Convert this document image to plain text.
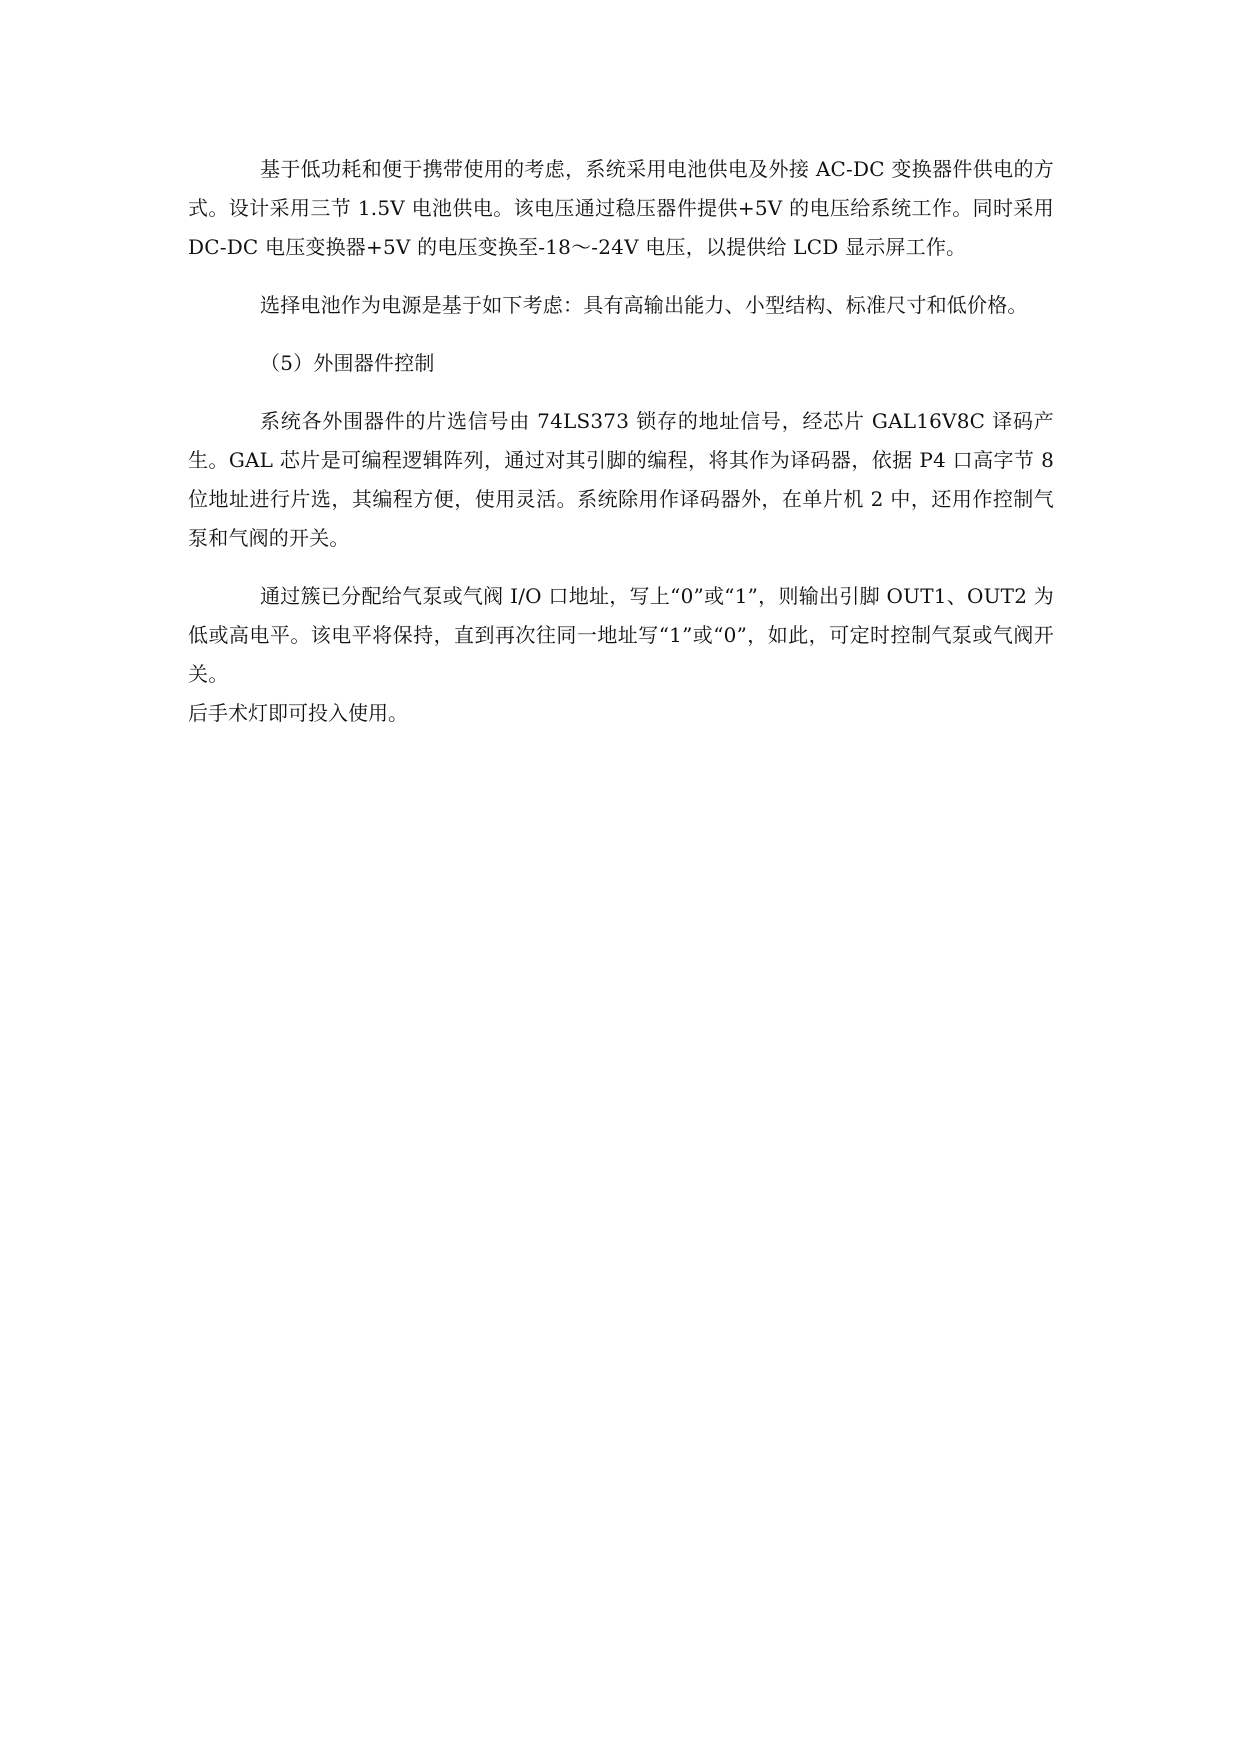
基于低功耗和便于携带使用的考虑，系统采用电池供电及外接 AC-DC 变换器件供电的方式。设计采用三节 1.5V 电池供电。该电压通过稳压器件提供+5V 的电压给系统工作。同时采用 DC-DC 电压变换器+5V 的电压变换至-18～-24V 电压，以提供给 LCD 显示屏工作。

选择电池作为电源是基于如下考虑：具有高输出能力、小型结构、标准尺寸和低价格。

（5）外围器件控制

系统各外围器件的片选信号由 74LS373 锁存的地址信号，经芯片 GAL16V8C 译码产生。GAL 芯片是可编程逻辑阵列，通过对其引脚的编程，将其作为译码器，依据 P4 口高字节 8 位地址进行片选，其编程方便，使用灵活。系统除用作译码器外，在单片机 2 中，还用作控制气泵和气阀的开关。

通过簇已分配给气泵或气阀 I/O 口地址，写上“0”或“1”，则输出引脚 OUT1、OUT2 为低或高电平。该电平将保持，直到再次往同一地址写“1”或“0”，如此，可定时控制气泵或气阀开关。

后手术灯即可投入使用。
